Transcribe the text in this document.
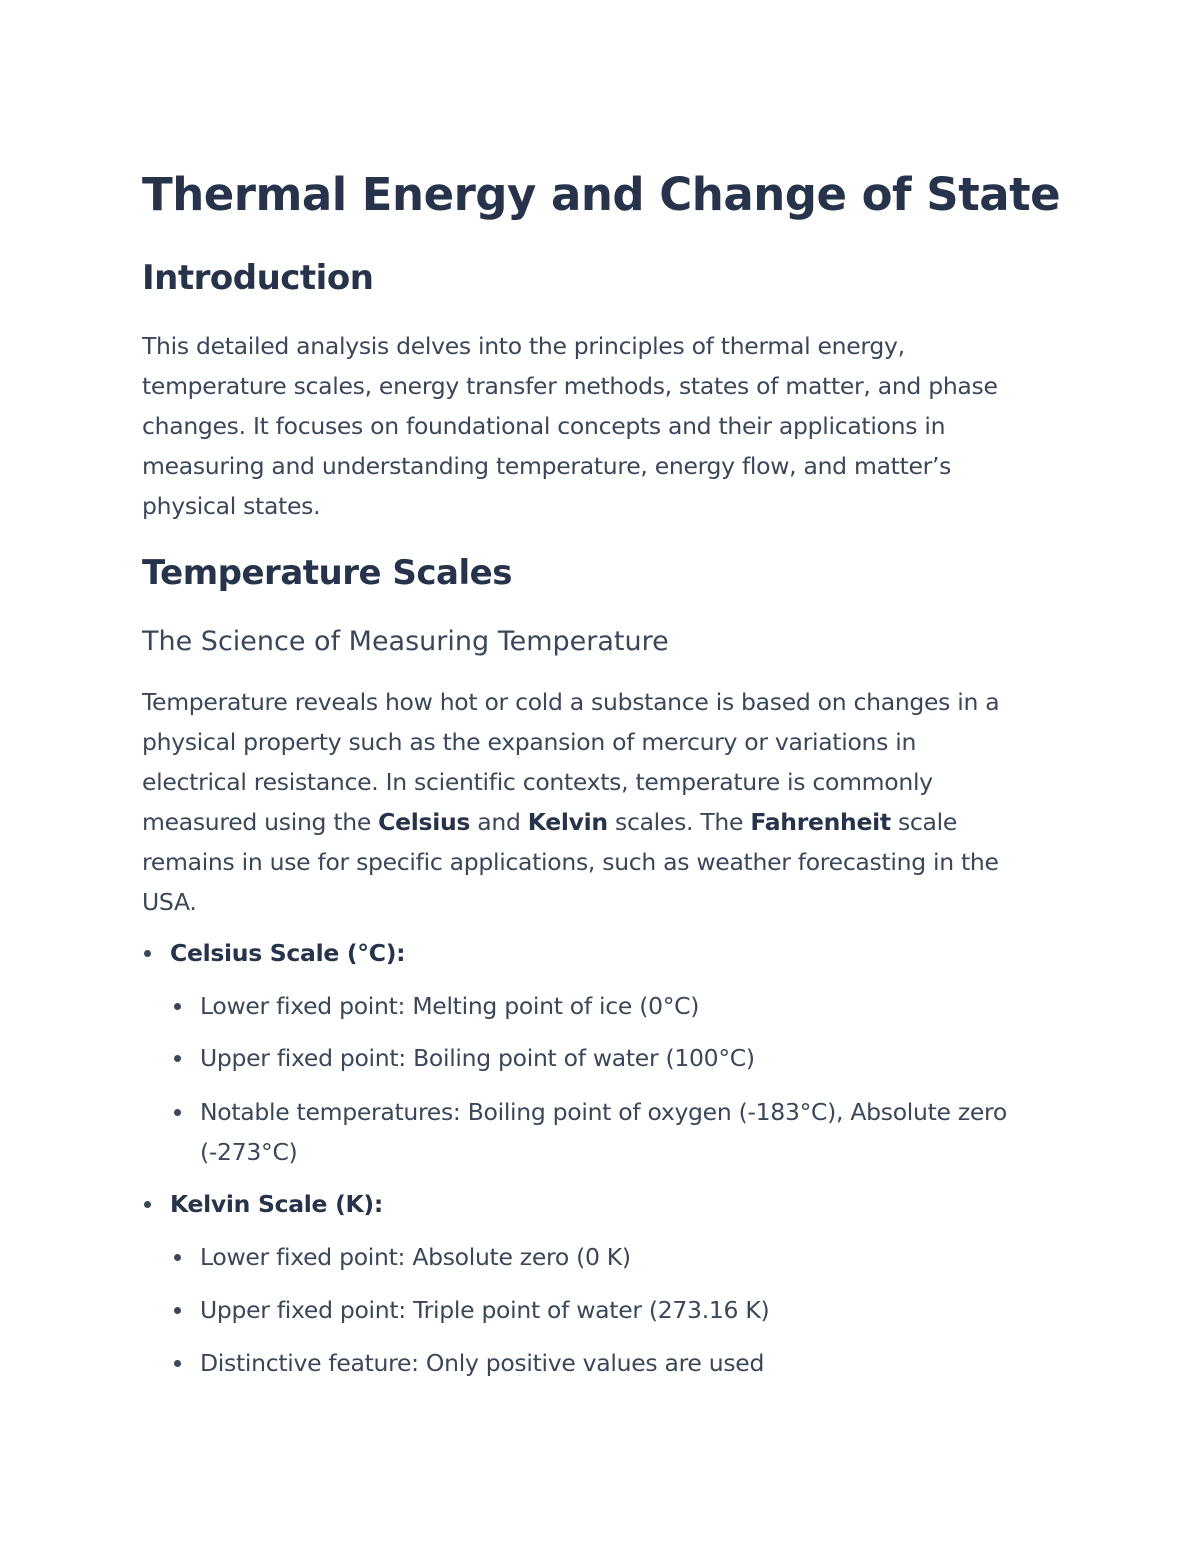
Thermal Energy and Change of State
Introduction

This detailed analysis delves into the principles of thermal energy,
temperature scales, energy transfer methods, states of matter, and phase
changes. It focuses on foundational concepts and their applications in
measuring and understanding temperature, energy flow, and matter’s
physical states.

Temperature Scales
The Science of Measuring Temperature

Temperature reveals how hot or cold a substance is based on changes in a
physical property such as the expansion of mercury or variations in
electrical resistance. In scientific contexts, temperature is commonly
measured using the Celsius and Kelvin scales. The Fahrenheit scale
remains in use for specific applications, such as weather forecasting in the
USA.

Celsius Scale (°C):
Lower fixed point: Melting point of ice (0°C)
Upper fixed point: Boiling point of water (100°C)
Notable temperatures: Boiling point of oxygen (-183°C), Absolute zero
(-273°C)
Kelvin Scale (K):
Lower fixed point: Absolute zero (0 K)
Upper fixed point: Triple point of water (273.16 K)
Distinctive feature: Only positive values are used
